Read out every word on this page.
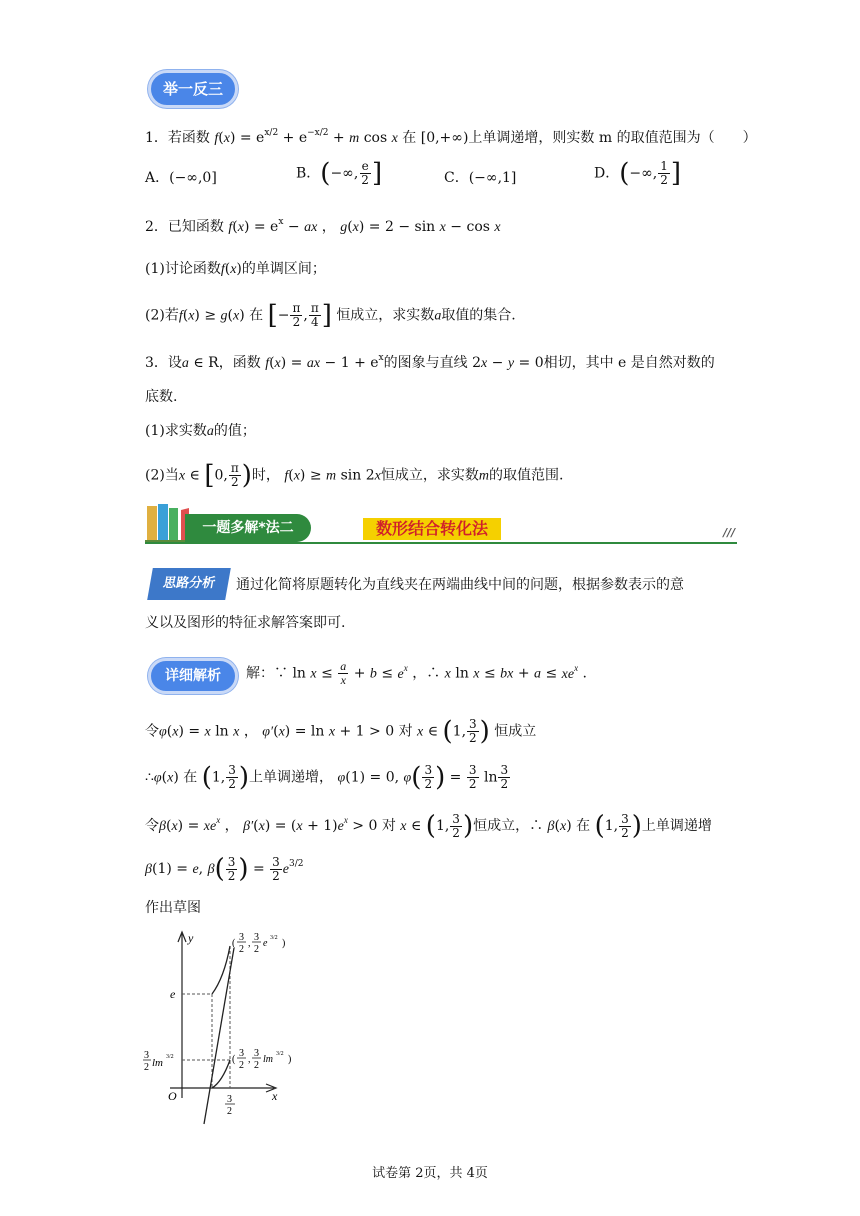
举一反三
1．若函数 $f(x) = e^{x/2} + e^{-x/2} + m$ cos x 在 [0,+∞)上单调递增，则实数 m 的取值范围为（　　）
A．(−∞,0]	B．(−∞, $\frac{e}{2}$ ]	C．(−∞,1]	D．(−∞, $\frac{1}{2}$ ]
2．已知函数 $f(x) = e^x$ − ax ， g(x) = 2 − sin x − cos x
(1)讨论函数f(x)的单调区间；
(2)若f(x) ≥ g(x) 在 [− $\frac{\pi}{2}$ , $\frac{\pi}{4}$ ] 恒成立，求实数a取值的集合.
3．设a ∈ R，函数 f(x) = ax − $1 + e^x$的图象与直线 2x − y = 0相切，其中 e 是自然对数的
底数.
(1)求实数a的值；
(2)当x ∈ [0, $\frac{\pi}{2}$ )时， f(x) ≥ m sin 2x恒成立，求实数m的取值范围.
一题多解*法二	数形结合转化法	///
思路分析	通过化简将原题转化为直线夹在两端曲线中间的问题，根据参数表示的意
义以及图形的特征求解答案即可.
详细解析	解：∵ $\ln x \le \frac{a}{x} + b \le e^x$ ，∴ x ln x ≤ bx + $a \le xe^x$ .
令φ(x) = x ln x ， φ′(x) = ln x + 1 > 0 对 x ∈ (1, $\frac{3}{2}$ ) 恒成立
∴φ(x) 在 (1, $\frac{3}{2}$ )上单调递增， φ(1) = 0, $\varphi( \frac{3}{2}$ ) = $\frac{3}{2}$ $\ln \frac{3}{2}$
令$\beta(x) = xe^x$ ， $\beta'(x) = (x + 1)e^x > 0$ 对 x ∈ (1, $\frac{3}{2}$ )恒成立，∴ β(x) 在 (1, $\frac{3}{2}$ )上单调递增
β(1) = e, $\beta( \frac{3}{2}$ ) = $\frac{3}{2} e^{3/2}$
作出草图
y
x
O
e
3
2 lm 3/2
3
2
(
3
2
,
3
2
e 3/2 )
(
3
2
,
3
2
lm 3/2 )
试卷第 2页，共 4页
